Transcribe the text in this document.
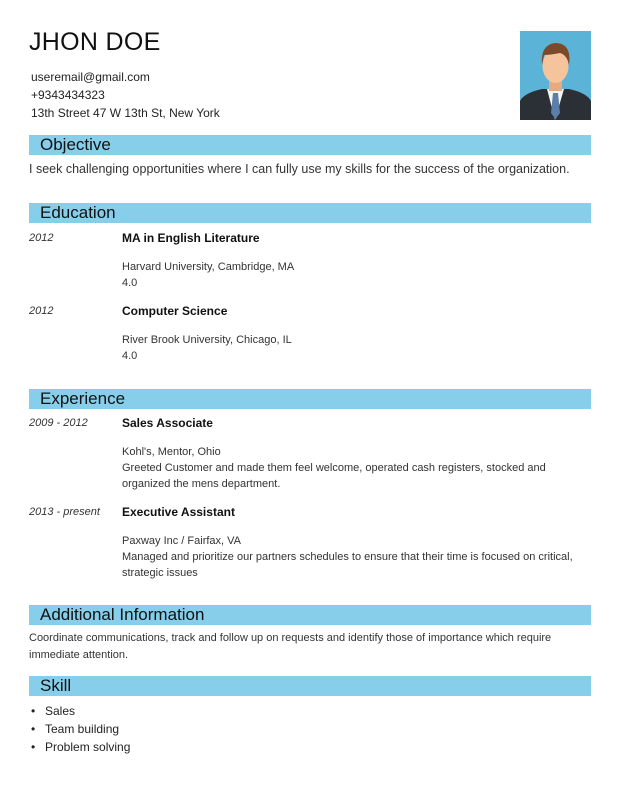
JHON DOE
useremail@gmail.com
+9343434323
13th Street 47 W 13th St, New York
Objective
I seek challenging opportunities where I can fully use my skills for the success of the organization.
Education
2012	MA in English Literature
Harvard University, Cambridge, MA
4.0
2012	Computer Science
River Brook University, Chicago, IL
4.0
Experience
2009 - 2012	Sales Associate
Kohl's, Mentor, Ohio
Greeted Customer and made them feel welcome, operated cash registers, stocked and
organized the mens department.
2013 - present Executive Assistant
Paxway Inc / Fairfax, VA
Managed and prioritize our partners schedules to ensure that their time is focused on critical,
strategic issues
Additional Information
Coordinate communications, track and follow up on requests and identify those of importance which require
immediate attention.
Skill
• Sales
• Team building
• Problem solving
